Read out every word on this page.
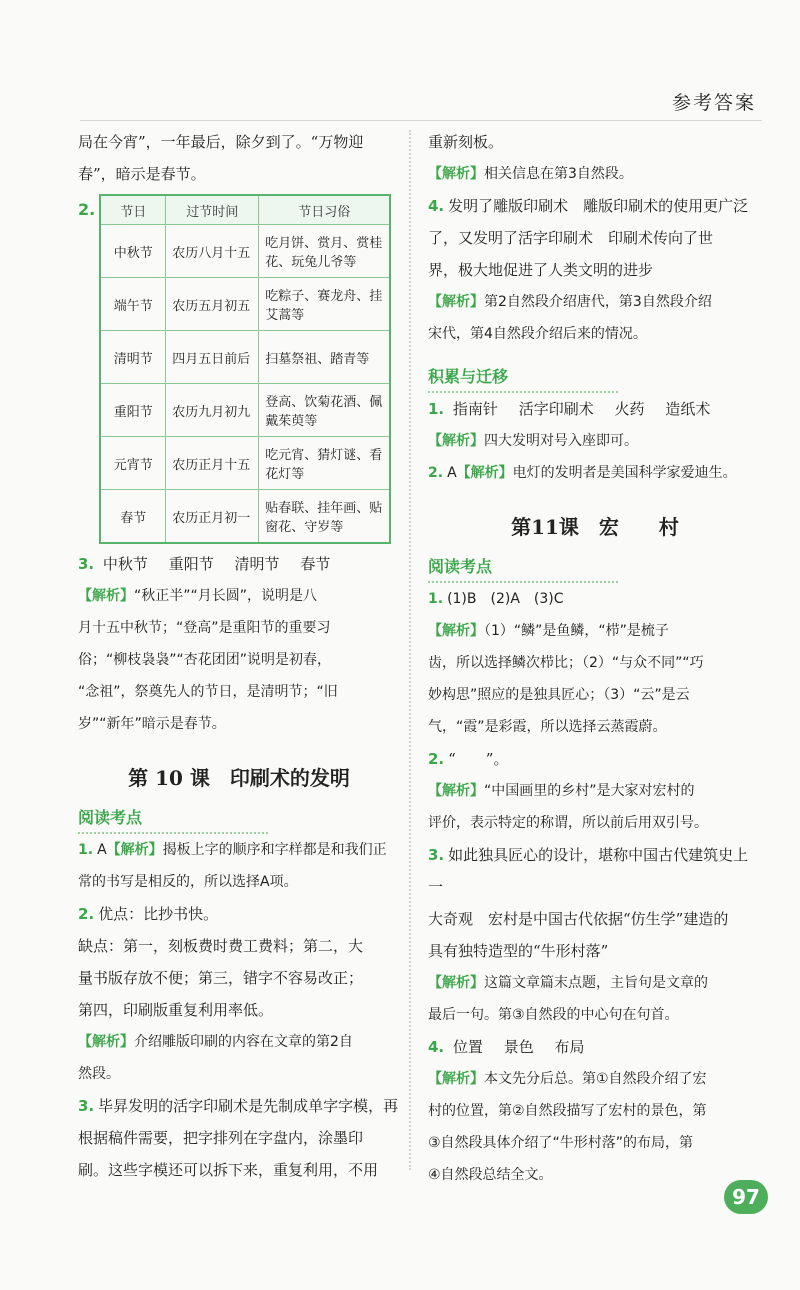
参考答案

局在今宵”，一年最后，除夕到了。“万物迎

春”，暗示是春节。

2. 节日	过节时间	节日习俗
中秋节	农历八月十五	吃月饼、赏月、赏桂花、玩兔儿爷等
端午节	农历五月初五	吃粽子、赛龙舟、挂艾蒿等
清明节	四月五日前后	扫墓祭祖、踏青等
重阳节	农历九月初九	登高、饮菊花酒、佩戴茱萸等
元宵节	农历正月十五	吃元宵、猜灯谜、看花灯等
春节	农历正月初一	贴春联、挂年画、贴窗花、守岁等

3. 中秋节 重阳节 清明节 春节

【解析】“秋正半”“月长圆”，说明是八

月十五中秋节；“登高”是重阳节的重要习

俗；“柳枝袅袅”“杏花团团”说明是初春，

“念祖”，祭奠先人的节日，是清明节；“旧

岁”“新年”暗示是春节。

第 10 课　印刷术的发明
阅读考点

1. A【解析】揭板上字的顺序和字样都是和我们正

常的书写是相反的，所以选择A项。

2. 优点：比抄书快。

缺点：第一，刻板费时费工费料；第二，大

量书版存放不便；第三，错字不容易改正；

第四，印刷版重复利用率低。

【解析】介绍雕版印刷的内容在文章的第2自

然段。

3. 毕昇发明的活字印刷术是先制成单字字模，再

根据稿件需要，把字排列在字盘内，涂墨印

刷。这些字模还可以拆下来，重复利用，不用

重新刻板。

【解析】相关信息在第3自然段。

4. 发明了雕版印刷术　雕版印刷术的使用更广泛

了，又发明了活字印刷术　印刷术传向了世

界，极大地促进了人类文明的进步

【解析】第2自然段介绍唐代，第3自然段介绍

宋代，第4自然段介绍后来的情况。

积累与迁移

1. 指南针 活字印刷术 火药 造纸术

【解析】四大发明对号入座即可。

2. A【解析】电灯的发明者是美国科学家爱迪生。

第11课　宏　　村
阅读考点

1. (1)B　(2)A　(3)C

【解析】（1）“鳞”是鱼鳞，“栉”是梳子

齿，所以选择鳞次栉比；（2）“与众不同”“巧

妙构思”照应的是独具匠心；（3）“云”是云

气，“霞”是彩霞，所以选择云蒸霞蔚。

2. “　　”。

【解析】“中国画里的乡村”是大家对宏村的

评价，表示特定的称谓，所以前后用双引号。

3. 如此独具匠心的设计，堪称中国古代建筑史上一

大奇观　宏村是中国古代依据“仿生学”建造的

具有独特造型的“牛形村落”

【解析】这篇文章篇末点题，主旨句是文章的

最后一句。第③自然段的中心句在句首。

4. 位置 景色 布局

【解析】本文先分后总。第①自然段介绍了宏

村的位置，第②自然段描写了宏村的景色，第

③自然段具体介绍了“牛形村落”的布局，第

④自然段总结全文。

97
